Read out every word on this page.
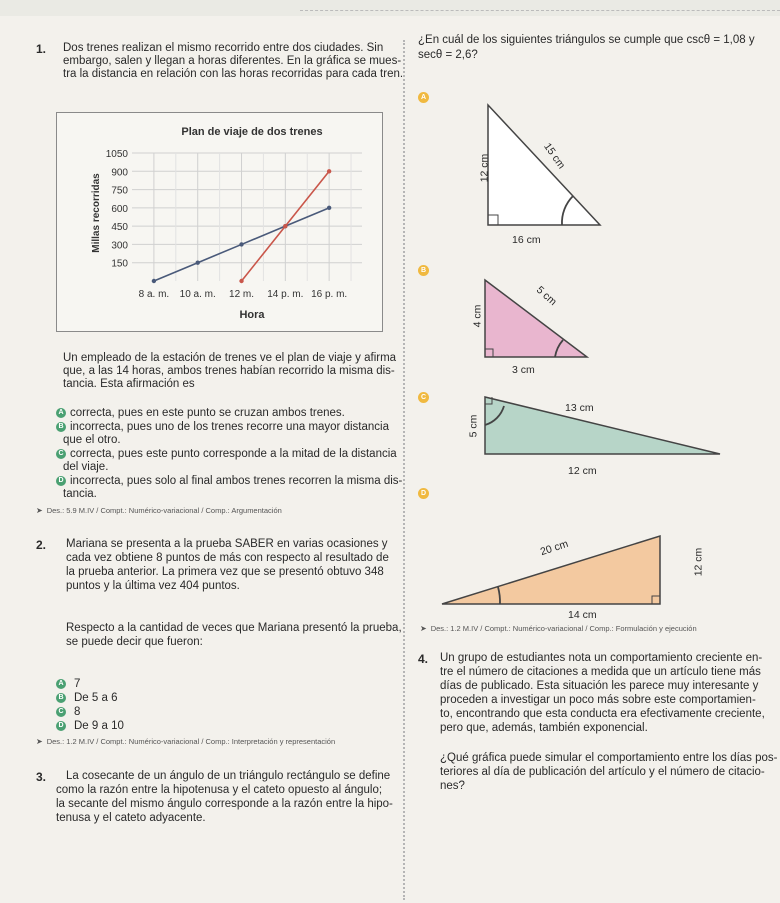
1. Dos trenes realizan el mismo recorrido entre dos ciudades. Sin
embargo, salen y llegan a horas diferentes. En la gráfica se mues-
tra la distancia en relación con las horas recorridas para cada tren.
Plan de viaje de dos trenes
Hora
Millas recorridas
150
300
450
600
750
900
1050
8 a. m. 10 a. m. 12 m. 14 p. m. 16 p. m.
Un empleado de la estación de trenes ve el plan de viaje y afirma
que, a las 14 horas, ambos trenes habían recorrido la misma dis-
tancia. Esta afirmación es
A correcta, pues en este punto se cruzan ambos trenes.
B incorrecta, pues uno de los trenes recorre una mayor distancia
que el otro.
C correcta, pues este punto corresponde a la mitad de la distancia
del viaje.
D incorrecta, pues solo al final ambos trenes recorren la misma dis-
tancia.
➤ Des.: 5.9 M.IV / Compt.: Numérico-variacional / Comp.: Argumentación
2. Mariana se presenta a la prueba SABER en varias ocasiones y
cada vez obtiene 8 puntos de más con respecto al resultado de
la prueba anterior. La primera vez que se presentó obtuvo 348
puntos y la última vez 404 puntos.
Respecto a la cantidad de veces que Mariana presentó la prueba,
se puede decir que fueron:
A 7
B De 5 a 6
C 8
D De 9 a 10
➤ Des.: 1.2 M.IV / Compt.: Numérico-variacional / Comp.: Interpretación y representación
3. La cosecante de un ángulo de un triángulo rectángulo se define
como la razón entre la hipotenusa y el cateto opuesto al ángulo;
la secante del mismo ángulo corresponde a la razón entre la hipo-
tenusa y el cateto adyacente.
¿En cuál de los siguientes triángulos se cumple que cscθ = 1,08 y
secθ = 2,6?
A
12 cm
16 cm
15 cm
B
4 cm
3 cm
5 cm
C
5 cm
12 cm
13 cm
D
12 cm
14 cm
20 cm
➤ Des.: 1.2 M.IV / Compt.: Numérico-variacional / Comp.: Formulación y ejecución
4. Un grupo de estudiantes nota un comportamiento creciente en-
tre el número de citaciones a medida que un artículo tiene más
días de publicado. Esta situación les parece muy interesante y
proceden a investigar un poco más sobre este comportamien-
to, encontrando que esta conducta era efectivamente creciente,
pero que, además, también exponencial.
¿Qué gráfica puede simular el comportamiento entre los días pos-
teriores al día de publicación del artículo y el número de citacio-
nes?
